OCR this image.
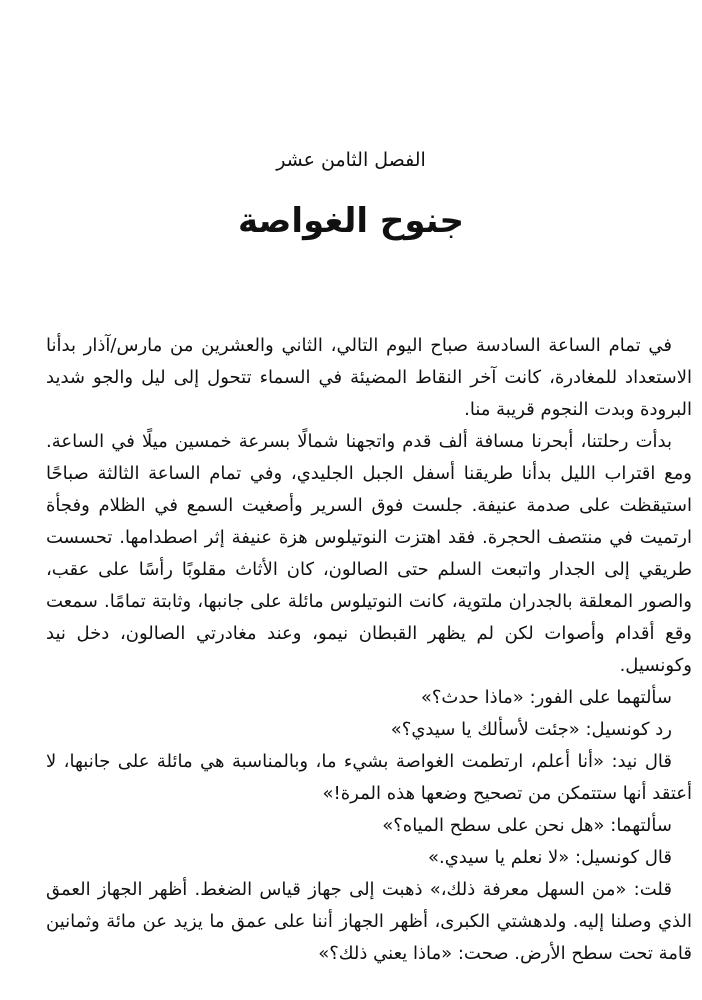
الفصل الثامن عشر
جنوح الغواصة

في تمام الساعة السادسة صباح اليوم التالي، الثاني والعشرين من مارس/آذار بدأنا الاستعداد للمغادرة، كانت آخر النقاط المضيئة في السماء تتحول إلى ليل والجو شديد البرودة وبدت النجوم قريبة منا.

بدأت رحلتنا، أبحرنا مسافة ألف قدم واتجهنا شمالًا بسرعة خمسين ميلًا في الساعة. ومع اقتراب الليل بدأنا طريقنا أسفل الجبل الجليدي، وفي تمام الساعة الثالثة صباحًا استيقظت على صدمة عنيفة. جلست فوق السرير وأصغيت السمع في الظلام وفجأة ارتميت في منتصف الحجرة. فقد اهتزت النوتيلوس هزة عنيفة إثر اصطدامها. تحسست طريقي إلى الجدار واتبعت السلم حتى الصالون، كان الأثاث مقلوبًا رأسًا على عقب، والصور المعلقة بالجدران ملتوية، كانت النوتيلوس مائلة على جانبها، وثابتة تمامًا. سمعت وقع أقدام وأصوات لكن لم يظهر القبطان نيمو، وعند مغادرتي الصالون، دخل نيد وكونسيل.

سألتهما على الفور: «ماذا حدث؟»

رد كونسيل: «جئت لأسألك يا سيدي؟»

قال نيد: «أنا أعلم، ارتطمت الغواصة بشيء ما، وبالمناسبة هي مائلة على جانبها، لا أعتقد أنها ستتمكن من تصحيح وضعها هذه المرة!»

سألتهما: «هل نحن على سطح المياه؟»

قال كونسيل: «لا نعلم يا سيدي.»

قلت: «من السهل معرفة ذلك،» ذهبت إلى جهاز قياس الضغط. أظهر الجهاز العمق الذي وصلنا إليه. ولدهشتي الكبرى، أظهر الجهاز أننا على عمق ما يزيد عن مائة وثمانين قامة تحت سطح الأرض. صحت: «ماذا يعني ذلك؟»
